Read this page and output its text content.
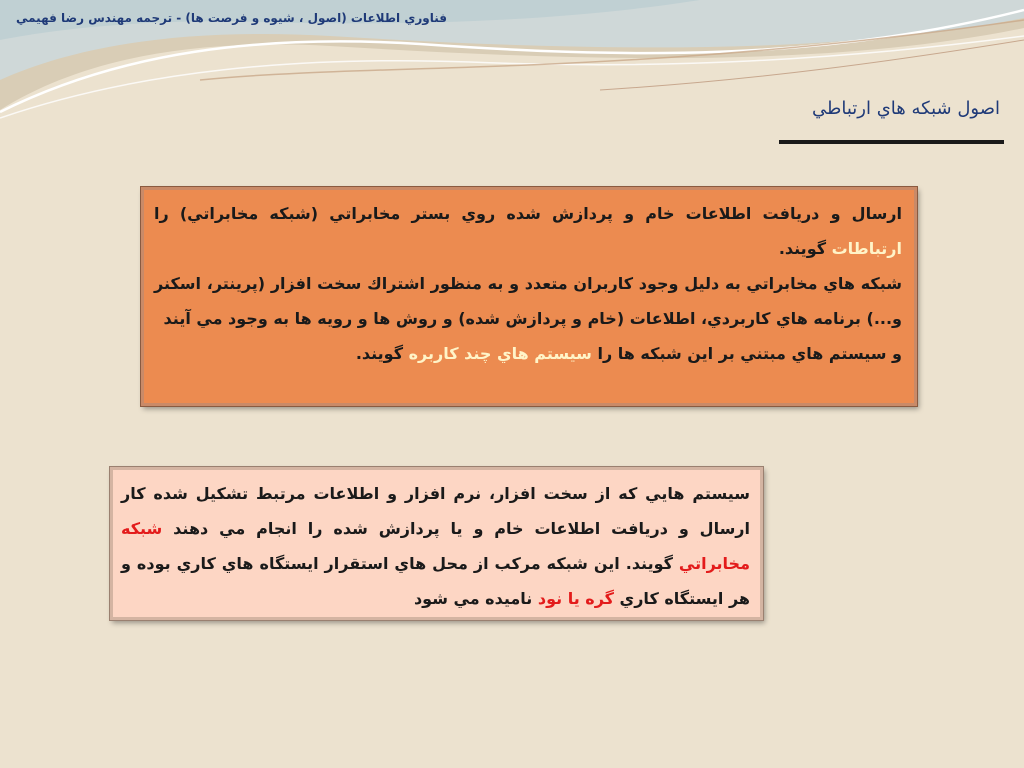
فناوري اطلاعات (اصول ، شيوه و فرصت ها) - ترجمه مهندس رضا فهيمي
اصول شبكه هاي ارتباطي

ارسال و دريافت اطلاعات خام و پردازش شده روي بستر مخابراتي (شبكه مخابراتي) را ارتباطات گويند.

شبكه هاي مخابراتي به دليل وجود كاربران متعدد و به منظور اشتراك سخت افزار (پرينتر، اسكنر و...) برنامه هاي كاربردي، اطلاعات (خام و پردازش شده) و روش ها و رويه ها به وجود مي آيند

و سيستم هاي مبتني بر اين شبكه ها را سيستم هاي چند كاربره گويند.

سيستم هايي كه از سخت افزار، نرم افزار و اطلاعات مرتبط تشكيل شده كار ارسال و دريافت اطلاعات خام و يا پردازش شده را انجام مي دهند شبكه مخابراتي گويند. اين شبكه مركب از محل هاي استقرار ايستگاه هاي كاري بوده و هر ايستگاه كاري گره يا نود ناميده مي شود
